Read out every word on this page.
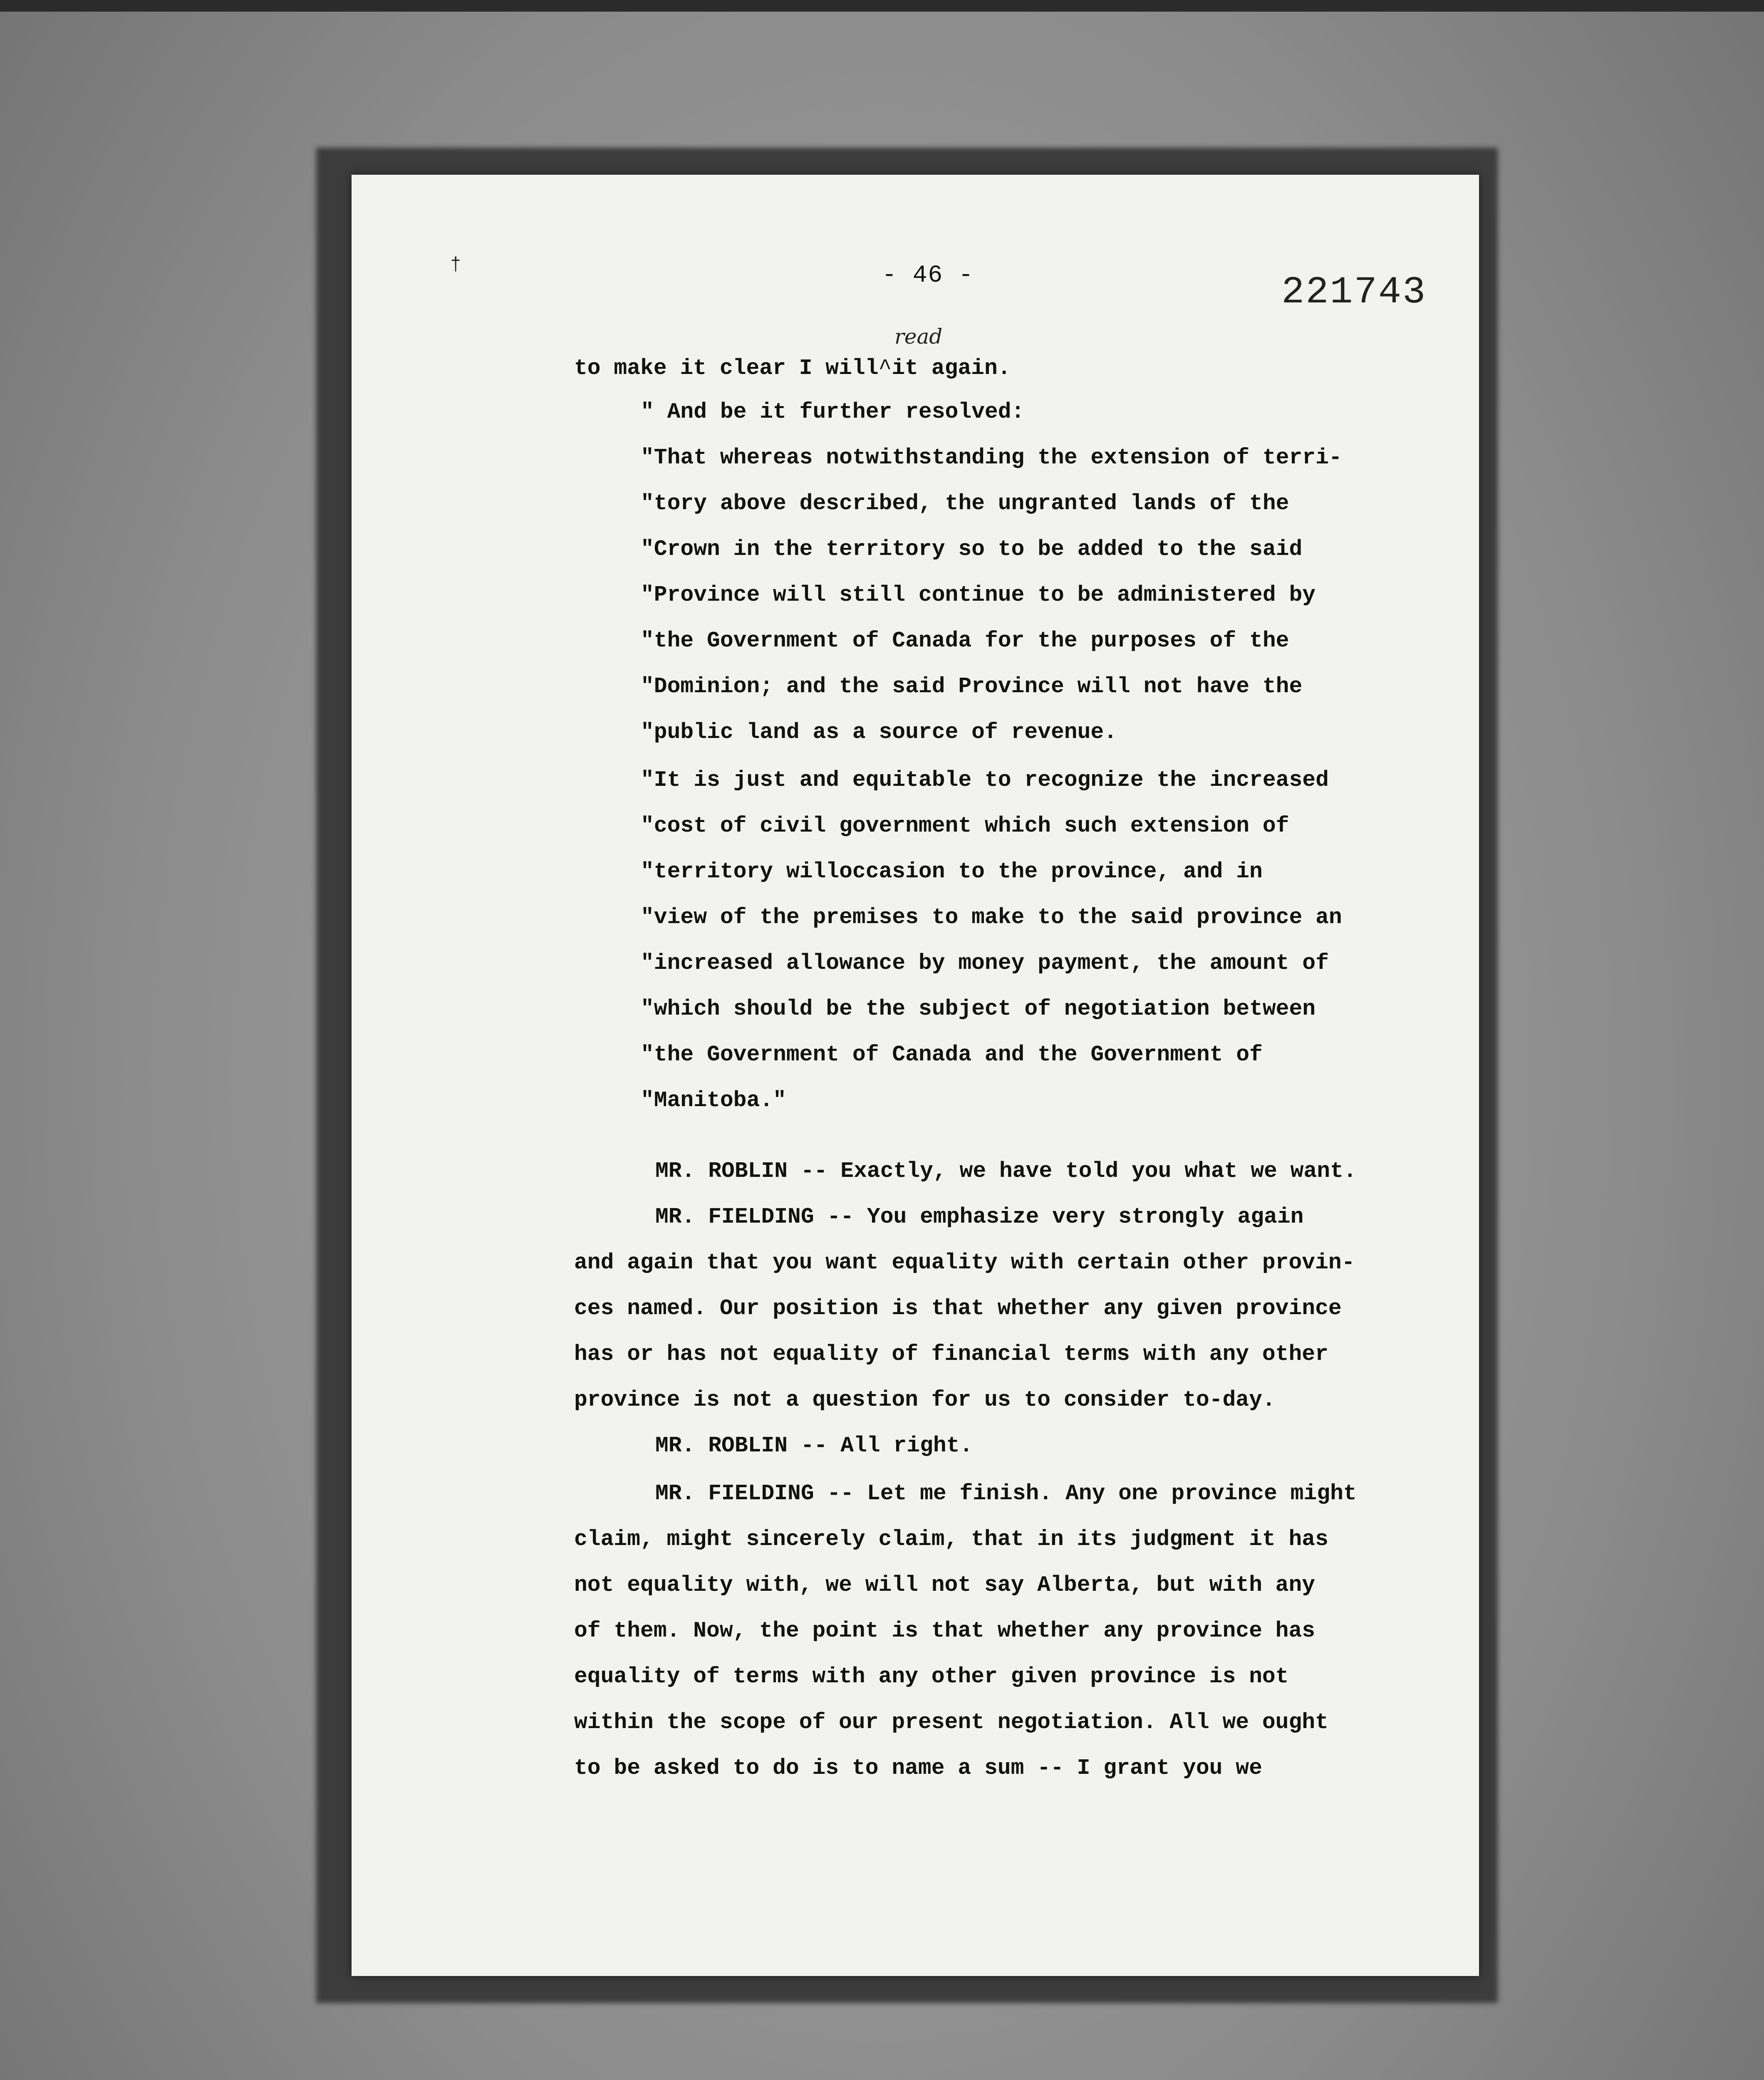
†	- 46 -	221743
to make it clear I will^it again.
read
" And be it further resolved:
"That whereas notwithstanding the extension of terri-
"tory above described, the ungranted lands of the
"Crown in the territory so to be added to the said
"Province will still continue to be administered by
"the Government of Canada for the purposes of the
"Dominion; and the said Province will not have the
"public land as a source of revenue.
"It is just and equitable to recognize the increased
"cost of civil government which such extension of
"territory willoccasion to the province, and in
"view of the premises to make to the said province an
"increased allowance by money payment, the amount of
"which should be the subject of negotiation between
"the Government of Canada and the Government of
"Manitoba."
MR. ROBLIN -- Exactly, we have told you what we want.
MR. FIELDING -- You emphasize very strongly again
and again that you want equality with certain other provin-
ces named. Our position is that whether any given province
has or has not equality of financial terms with any other
province is not a question for us to consider to-day.
MR. ROBLIN -- All right.
MR. FIELDING -- Let me finish. Any one province might
claim, might sincerely claim, that in its judgment it has
not equality with, we will not say Alberta, but with any
of them. Now, the point is that whether any province has
equality of terms with any other given province is not
within the scope of our present negotiation. All we ought
to be asked to do is to name a sum -- I grant you we
